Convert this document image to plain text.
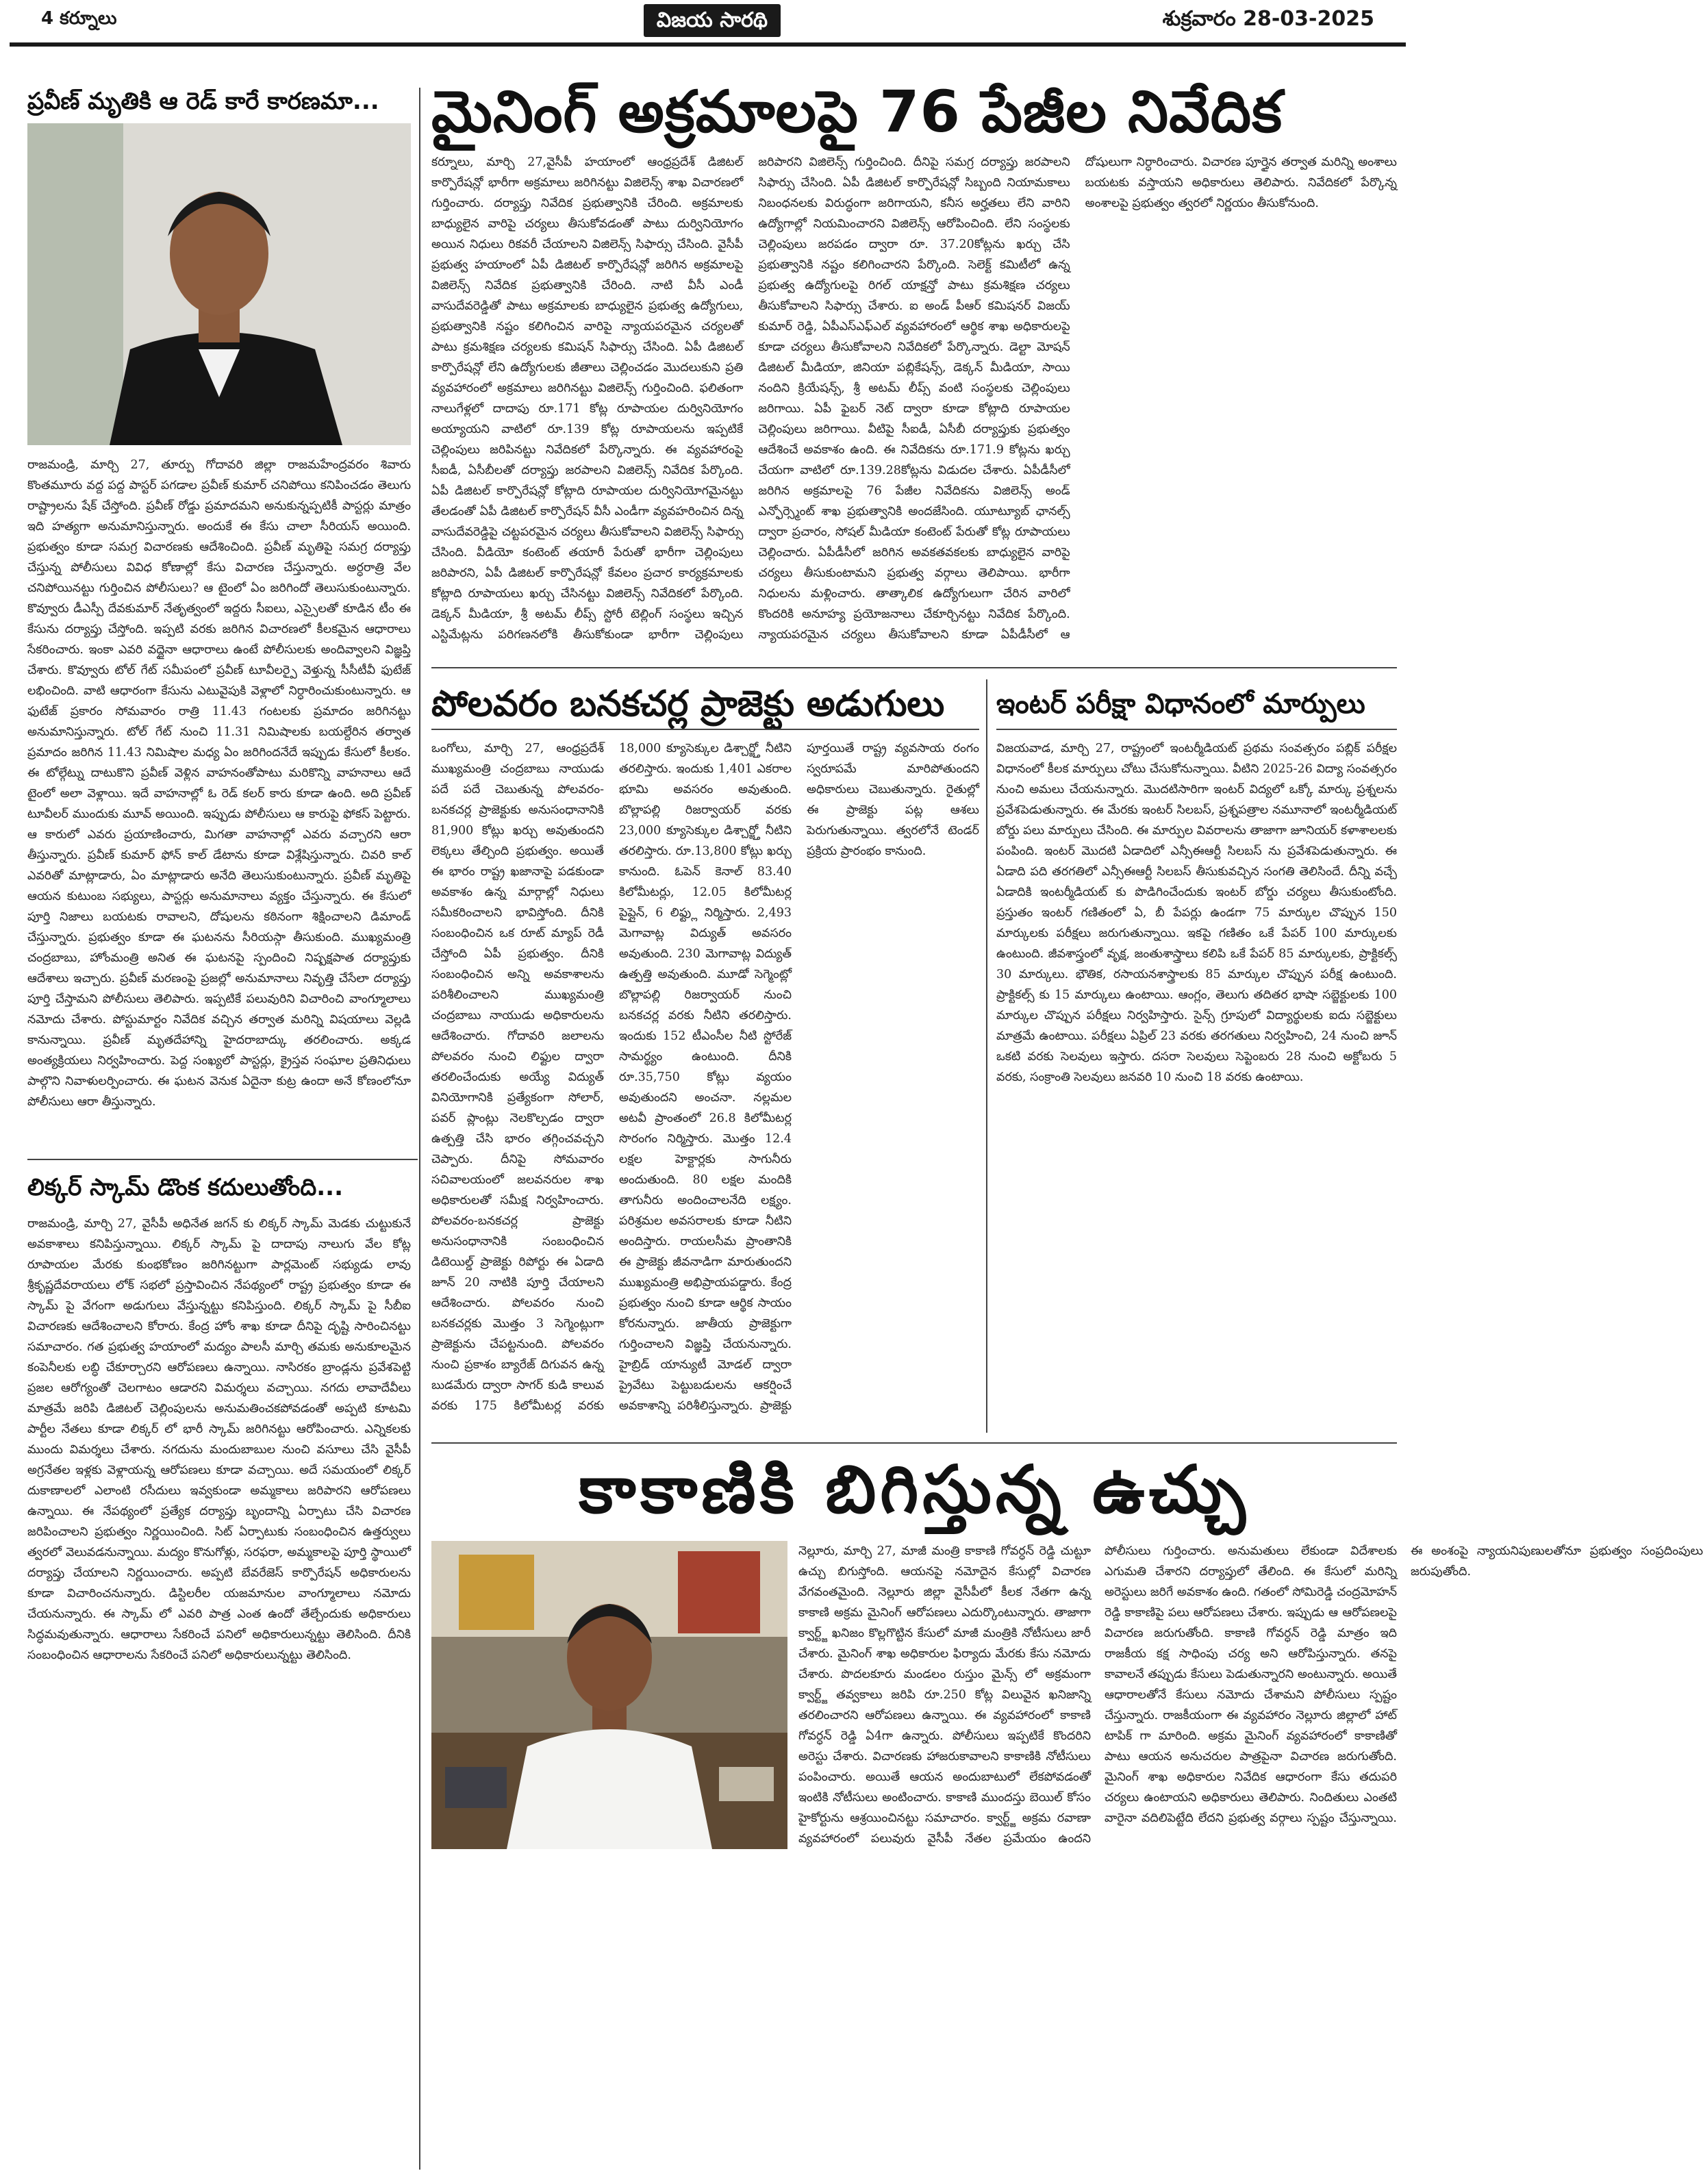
4 కర్నూలు	విజయ సారథి	శుక్రవారం 28-03-2025
ప్రవీణ్ మృతికి ఆ రెడ్ కారే కారణమా...
రాజమండ్రి, మార్చి 27, తూర్పు గోదావరి జిల్లా రాజమహేంద్రవరం శివారు కొంతమూరు వద్ద పద్ద పాస్టర్ పగడాల ప్రవీణ్ కుమార్ చనిపోయి కనిపించడం తెలుగు రాష్ట్రాలను షేక్ చేస్తోంది. ప్రవీణ్ రోడ్డు ప్రమాదమని అనుకున్నప్పటికీ పాస్టర్లు మాత్రం ఇది హత్యగా అనుమానిస్తున్నారు. అందుకే ఈ కేసు చాలా సీరియస్ అయింది. ప్రభుత్వం కూడా సమగ్ర విచారణకు ఆదేశించింది. ప్రవీణ్ మృతిపై సమగ్ర దర్యాప్తు చేస్తున్న పోలీసులు వివిధ కోణాల్లో కేసు విచారణ చేస్తున్నారు. అర్ధరాత్రి వేల చనిపోయినట్టు గుర్తించిన పోలీసులు? ఆ టైంలో ఏం జరిగిందో తెలుసుకుంటున్నారు. కొవ్వూరు డీఎస్పీ దేవకుమార్ నేతృత్వంలో ఇద్దరు సీఐలు, ఎస్సైలతో కూడిన టీం ఈ కేసును దర్యాప్తు చేస్తోంది. ఇప్పటి వరకు జరిగిన విచారణలో కీలకమైన ఆధారాలు సేకరించారు. ఇంకా ఎవరి వద్దైనా ఆధారాలు ఉంటే పోలీసులకు అందివ్వాలని విజ్ఞప్తి చేశారు. కొవ్వూరు టోల్ గేట్ సమీపంలో ప్రవీణ్ టూవీలర్పై వెళ్తున్న సీసీటీవీ ఫుటేజ్ లభించింది. వాటి ఆధారంగా కేసును ఎటువైపుకి వెళ్లాలో నిర్ధారించుకుంటున్నారు. ఆ ఫుటేజ్ ప్రకారం సోమవారం రాత్రి 11.43 గంటలకు ప్రమాదం జరిగినట్టు అనుమానిస్తున్నారు. టోల్ గేట్ నుంచి 11.31 నిమిషాలకు బయల్దేరిన తర్వాత ప్రమాదం జరిగిన 11.43 నిమిషాల మధ్య ఏం జరిగిందనేదే ఇప్పుడు కేసులో కీలకం. ఈ టోల్గేట్ను దాటుకొని ప్రవీణ్ వెళ్లిన వాహనంతోపాటు మరికొన్ని వాహనాలు ఆదే టైంలో అలా వెళ్లాయి. ఇదే వాహనాల్లో ఓ రెడ్ కలర్ కారు కూడా ఉంది. అది ప్రవీణ్ టూవీలర్ ముందుకు మూవ్ అయింది. ఇప్పుడు పోలీసులు ఆ కారుపై ఫోకస్ పెట్టారు. ఆ కారులో ఎవరు ప్రయాణించారు, మిగతా వాహనాల్లో ఎవరు వచ్చారని ఆరా తీస్తున్నారు. ప్రవీణ్ కుమార్ ఫోన్ కాల్ డేటాను కూడా విశ్లేషిస్తున్నారు. చివరి కాల్ ఎవరితో మాట్లాడారు, ఏం మాట్లాడారు అనేది తెలుసుకుంటున్నారు. ప్రవీణ్ మృతిపై ఆయన కుటుంబ సభ్యులు, పాస్టర్లు అనుమానాలు వ్యక్తం చేస్తున్నారు. ఈ కేసులో పూర్తి నిజాలు బయటకు రావాలని, దోషులను కఠినంగా శిక్షించాలని డిమాండ్ చేస్తున్నారు. ప్రభుత్వం కూడా ఈ ఘటనను సీరియస్గా తీసుకుంది. ముఖ్యమంత్రి చంద్రబాబు, హోంమంత్రి అనిత ఈ ఘటనపై స్పందించి నిష్పక్షపాత దర్యాప్తుకు ఆదేశాలు ఇచ్చారు. ప్రవీణ్ మరణంపై ప్రజల్లో అనుమానాలు నివృత్తి చేసేలా దర్యాప్తు పూర్తి చేస్తామని పోలీసులు తెలిపారు. ఇప్పటికే పలువురిని విచారించి వాంగ్మూలాలు నమోదు చేశారు. పోస్టుమార్టం నివేదిక వచ్చిన తర్వాత మరిన్ని విషయాలు వెల్లడి కానున్నాయి. ప్రవీణ్ మృతదేహాన్ని హైదరాబాద్కు తరలించారు. అక్కడ అంత్యక్రియలు నిర్వహించారు. పెద్ద సంఖ్యలో పాస్టర్లు, క్రైస్తవ సంఘాల ప్రతినిధులు పాల్గొని నివాళులర్పించారు. ఈ ఘటన వెనుక ఏదైనా కుట్ర ఉందా అనే కోణంలోనూ పోలీసులు ఆరా తీస్తున్నారు.
లిక్కర్ స్కామ్ డొంక కదులుతోంది...
రాజమండ్రి, మార్చి 27, వైసీపీ అధినేత జగన్ కు లిక్కర్ స్కామ్ మెడకు చుట్టుకునే అవకాశాలు కనిపిస్తున్నాయి. లిక్కర్ స్కామ్ పై దాదాపు నాలుగు వేల కోట్ల రూపాయల మేరకు కుంభకోణం జరిగినట్టుగా పార్లమెంట్ సభ్యుడు లావు శ్రీకృష్ణదేవరాయలు లోక్ సభలో ప్రస్తావించిన నేపథ్యంలో రాష్ట్ర ప్రభుత్వం కూడా ఈ స్కామ్ పై వేగంగా అడుగులు వేస్తున్నట్టు కనిపిస్తుంది. లిక్కర్ స్కామ్ పై సీబీఐ విచారణకు ఆదేశించాలని కోరారు. కేంద్ర హోం శాఖ కూడా దీనిపై దృష్టి సారించినట్టు సమాచారం. గత ప్రభుత్వ హయాంలో మద్యం పాలసీ మార్చి తమకు అనుకూలమైన కంపెనీలకు లబ్ధి చేకూర్చారని ఆరోపణలు ఉన్నాయి. నాసిరకం బ్రాండ్లను ప్రవేశపెట్టి ప్రజల ఆరోగ్యంతో చెలగాటం ఆడారని విమర్శలు వచ్చాయి. నగదు లావాదేవీలు మాత్రమే జరిపి డిజిటల్ చెల్లింపులను అనుమతించకపోవడంతో అప్పటి కూటమి పార్టీల నేతలు కూడా లిక్కర్ లో భారీ స్కామ్ జరిగినట్టు ఆరోపించారు. ఎన్నికలకు ముందు విమర్శలు చేశారు. నగదును మందుబాబుల నుంచి వసూలు చేసి వైసీపీ అగ్రనేతల ఇళ్లకు వెళ్లాయన్న ఆరోపణలు కూడా వచ్చాయి. అదే సమయంలో లిక్కర్ దుకాణాలలో ఎలాంటి రసీదులు ఇవ్వకుండా అమ్మకాలు జరిపారని ఆరోపణలు ఉన్నాయి. ఈ నేపథ్యంలో ప్రత్యేక దర్యాప్తు బృందాన్ని ఏర్పాటు చేసి విచారణ జరిపించాలని ప్రభుత్వం నిర్ణయించింది. సిట్ ఏర్పాటుకు సంబంధించిన ఉత్తర్వులు త్వరలో వెలువడనున్నాయి. మద్యం కొనుగోళ్లు, సరఫరా, అమ్మకాలపై పూర్తి స్థాయిలో దర్యాప్తు చేయాలని నిర్ణయించారు. అప్పటి బేవరేజెస్ కార్పొరేషన్ అధికారులను కూడా విచారించనున్నారు. డిస్టిలరీల యజమానుల వాంగ్మూలాలు నమోదు చేయనున్నారు. ఈ స్కామ్ లో ఎవరి పాత్ర ఎంత ఉందో తేల్చేందుకు అధికారులు సిద్ధమవుతున్నారు. ఆధారాలు సేకరించే పనిలో అధికారులున్నట్టు తెలిసింది. దీనికి సంబంధించిన ఆధారాలను సేకరించే పనిలో అధికారులున్నట్టు తెలిసింది.
మైనింగ్ అక్రమాలపై 76 పేజీల నివేదిక
కర్నూలు, మార్చి 27,వైసీపీ హయాంలో ఆంధ్రప్రదేశ్ డిజిటల్ కార్పొరేషన్లో భారీగా అక్రమాలు జరిగినట్టు విజిలెన్స్ శాఖ విచారణలో గుర్తించారు. దర్యాప్తు నివేదిక ప్రభుత్వానికి చేరింది. అక్రమాలకు బాధ్యులైన వారిపై చర్యలు తీసుకోవడంతో పాటు దుర్వినియోగం అయిన నిధులు రికవరీ చేయాలని విజిలెన్స్ సిఫార్సు చేసింది. వైసీపీ ప్రభుత్వ హయాంలో ఏపీ డిజిటల్ కార్పొరేషన్లో జరిగిన అక్రమాలపై విజిలెన్స్ నివేదిక ప్రభుత్వానికి చేరింది. నాటి వీసీ ఎండీ వాసుదేవరెడ్డితో పాటు అక్రమాలకు బాధ్యులైన ప్రభుత్వ ఉద్యోగులు, ప్రభుత్వానికి నష్టం కలిగించిన వారిపై న్యాయపరమైన చర్యలతో పాటు క్రమశిక్షణ చర్యలకు కమిషన్ సిఫార్సు చేసింది. ఏపీ డిజిటల్ కార్పొరేషన్లో లేని ఉద్యోగులకు జీతాలు చెల్లించడం మొదలుకుని ప్రతి వ్యవహారంలో అక్రమాలు జరిగినట్టు విజిలెన్స్ గుర్తించింది. ఫలితంగా నాలుగేళ్లలో దాదాపు రూ.171 కోట్ల రూపాయల దుర్వినియోగం అయ్యాయని వాటిలో రూ.139 కోట్ల రూపాయలను ఇప్పటికే చెల్లింపులు జరిపినట్టు నివేదికలో పేర్కొన్నారు. ఈ వ్యవహారంపై సీఐడీ, ఏసీబీలతో దర్యాప్తు జరపాలని విజిలెన్స్ నివేదిక పేర్కొంది. ఏపీ డిజిటల్ కార్పొరేషన్లో కోట్లాది రూపాయల దుర్వినియోగమైనట్టు తేలడంతో ఏపీ డిజిటల్ కార్పొరేషన్ వీసీ ఎండీగా వ్యవహరించిన దిన్న వాసుదేవరెడ్డిపై చట్టపరమైన చర్యలు తీసుకోవాలని విజిలెన్స్ సిఫార్సు చేసింది. వీడియో కంటెంట్ తయారీ పేరుతో భారీగా చెల్లింపులు జరిపారని, ఏపీ డిజిటల్ కార్పొరేషన్లో కేవలం ప్రచార కార్యక్రమాలకు కోట్లాది రూపాయలు ఖర్చు చేసినట్టు విజిలెన్స్ నివేదికలో పేర్కొంది. డెక్కన్ మీడియా, శ్రీ అటమ్ లీప్స్ స్టోరీ టెల్లింగ్ సంస్థలు ఇచ్చిన ఎస్టిమేట్లను పరిగణనలోకి తీసుకోకుండా భారీగా చెల్లింపులు జరిపారని విజిలెన్స్ గుర్తించింది. దీనిపై సమగ్ర దర్యాప్తు జరపాలని సిఫార్సు చేసింది. ఏపీ డిజిటల్ కార్పొరేషన్లో సిబ్బంది నియామకాలు నిబంధనలకు విరుద్ధంగా జరిగాయని, కనీస అర్హతలు లేని వారిని ఉద్యోగాల్లో నియమించారని విజిలెన్స్ ఆరోపించింది. లేని సంస్థలకు చెల్లింపులు జరపడం ద్వారా రూ. 37.20కోట్లను ఖర్చు చేసి ప్రభుత్వానికి నష్టం కలిగించారని పేర్కొంది. సెలెక్ట్ కమిటీలో ఉన్న ప్రభుత్వ ఉద్యోగులపై రిగల్ యాక్షన్తో పాటు క్రమశిక్షణ చర్యలు తీసుకోవాలని సిఫార్సు చేశారు. ఐ అండ్ పీఆర్ కమిషనర్ విజయ్ కుమార్ రెడ్డి, ఏపీఎస్ఎఫ్ఎల్ వ్యవహారంలో ఆర్థిక శాఖ అధికారులపై కూడా చర్యలు తీసుకోవాలని నివేదికలో పేర్కొన్నారు. డెల్టా మోషన్ డిజిటల్ మీడియా, జినియా పబ్లికేషన్స్, డెక్కన్ మీడియా, సాయి నందిని క్రియేషన్స్, శ్రీ అటమ్ లీప్స్ వంటి సంస్థలకు చెల్లింపులు జరిగాయి. ఏపీ ఫైబర్ నెట్ ద్వారా కూడా కోట్లాది రూపాయల చెల్లింపులు జరిగాయి. వీటిపై సీఐడీ, ఏసీబీ దర్యాప్తుకు ప్రభుత్వం ఆదేశించే అవకాశం ఉంది. ఈ నివేదికను రూ.171.9 కోట్లను ఖర్చు చేయగా వాటిలో రూ.139.28కోట్లను విడుదల చేశారు. ఏపీడీసీలో జరిగిన అక్రమాలపై 76 పేజీల నివేదికను విజిలెన్స్ అండ్ ఎన్ఫోర్స్మెంట్ శాఖ ప్రభుత్వానికి అందజేసింది. యూట్యూబ్ ఛానల్స్ ద్వారా ప్రచారం, సోషల్ మీడియా కంటెంట్ పేరుతో కోట్ల రూపాయలు చెల్లించారు. ఏపీడీసీలో జరిగిన అవకతవకలకు బాధ్యులైన వారిపై చర్యలు తీసుకుంటామని ప్రభుత్వ వర్గాలు తెలిపాయి. భారీగా నిధులను మళ్లించారు. తాత్కాలిక ఉద్యోగులుగా చేరిన వారిలో కొందరికి అనూహ్య ప్రయోజనాలు చేకూర్చినట్టు నివేదిక పేర్కొంది. న్యాయపరమైన చర్యలు తీసుకోవాలని కూడా ఏపీడీసీలో ఆ దోషులుగా నిర్ధారించారు. విచారణ పూర్తైన తర్వాత మరిన్ని అంశాలు బయటకు వస్తాయని అధికారులు తెలిపారు. నివేదికలో పేర్కొన్న అంశాలపై ప్రభుత్వం త్వరలో నిర్ణయం తీసుకోనుంది.
పోలవరం బనకచర్ల ప్రాజెక్టు అడుగులు
ఒంగోలు, మార్చి 27, ఆంధ్రప్రదేశ్ ముఖ్యమంత్రి చంద్రబాబు నాయుడు పదే పదే చెబుతున్న పోలవరం-బనకచర్ల ప్రాజెక్టుకు అనుసంధానానికి 81,900 కోట్లు ఖర్చు అవుతుందని లెక్కలు తేల్చింది ప్రభుత్వం. అయితే ఈ భారం రాష్ట్ర ఖజానాపై పడకుండా అవకాశం ఉన్న మార్గాల్లో నిధులు సమీకరించాలని భావిస్తోంది. దీనికి సంబంధించిన ఒక రూట్ మ్యాప్ రెడీ చేస్తోంది ఏపీ ప్రభుత్వం. దీనికి సంబంధించిన అన్ని అవకాశాలను పరిశీలించాలని ముఖ్యమంత్రి చంద్రబాబు నాయుడు అధికారులను ఆదేశించారు. గోదావరి జలాలను పోలవరం నుంచి లిఫ్టుల ద్వారా తరలించేందుకు అయ్యే విద్యుత్ వినియోగానికి ప్రత్యేకంగా సోలార్, పవర్ ప్లాంట్లు నెలకొల్పడం ద్వారా ఉత్పత్తి చేసి భారం తగ్గించవచ్చని చెప్పారు. దీనిపై సోమవారం సచివాలయంలో జలవనరుల శాఖ అధికారులతో సమీక్ష నిర్వహించారు. పోలవరం-బనకచర్ల ప్రాజెక్టు అనుసంధానానికి సంబంధించిన డిటెయిల్డ్ ప్రాజెక్టు రిపోర్టు ఈ ఏడాది జూన్ 20 నాటికి పూర్తి చేయాలని ఆదేశించారు. పోలవరం నుంచి బనకచర్లకు మొత్తం 3 సెగ్మెంట్లుగా ప్రాజెక్టును చేపట్టనుంది. పోలవరం నుంచి ప్రకాశం బ్యారేజ్ దిగువన ఉన్న బుడమేరు ద్వారా సాగర్ కుడి కాలువ వరకు 175 కిలోమీటర్ల వరకు 18,000 క్యూసెక్కుల డిశ్చార్జ్తో నీటిని తరలిస్తారు. ఇందుకు 1,401 ఎకరాల భూమి అవసరం అవుతుంది. బొల్లాపల్లి రిజర్వాయర్ వరకు 23,000 క్యూసెక్కుల డిశ్చార్జ్తో నీటిని తరలిస్తారు. రూ.13,800 కోట్లు ఖర్చు కానుంది. ఓపెన్ కెనాల్ 83.40 కిలోమీటర్లు, 12.05 కిలోమీటర్ల పైప్లైన్, 6 లిఫ్ట్లు నిర్మిస్తారు. 2,493 మెగావాట్ల విద్యుత్ అవసరం అవుతుంది. 230 మెగావాట్ల విద్యుత్ ఉత్పత్తి అవుతుంది. మూడో సెగ్మెంట్లో బొల్లాపల్లి రిజర్వాయర్ నుంచి బనకచర్ల వరకు నీటిని తరలిస్తారు. ఇందుకు 152 టీఎంసీల నీటి స్టోరేజ్ సామర్థ్యం ఉంటుంది. దీనికి రూ.35,750 కోట్లు వ్యయం అవుతుందని అంచనా. నల్లమల అటవీ ప్రాంతంలో 26.8 కిలోమీటర్ల సొరంగం నిర్మిస్తారు. మొత్తం 12.4 లక్షల హెక్టార్లకు సాగునీరు అందుతుంది. 80 లక్షల మందికి తాగునీరు అందించాలనేది లక్ష్యం. పరిశ్రమల అవసరాలకు కూడా నీటిని అందిస్తారు. రాయలసీమ ప్రాంతానికి ఈ ప్రాజెక్టు జీవనాడిగా మారుతుందని ముఖ్యమంత్రి అభిప్రాయపడ్డారు. కేంద్ర ప్రభుత్వం నుంచి కూడా ఆర్థిక సాయం కోరనున్నారు. జాతీయ ప్రాజెక్టుగా గుర్తించాలని విజ్ఞప్తి చేయనున్నారు. హైబ్రిడ్ యాన్యుటీ మోడల్ ద్వారా ప్రైవేటు పెట్టుబడులను ఆకర్షించే అవకాశాన్ని పరిశీలిస్తున్నారు. ప్రాజెక్టు పూర్తయితే రాష్ట్ర వ్యవసాయ రంగం స్వరూపమే మారిపోతుందని అధికారులు చెబుతున్నారు. రైతుల్లో ఈ ప్రాజెక్టు పట్ల ఆశలు పెరుగుతున్నాయి. త్వరలోనే టెండర్ ప్రక్రియ ప్రారంభం కానుంది.
ఇంటర్ పరీక్షా విధానంలో మార్పులు
విజయవాడ, మార్చి 27, రాష్ట్రంలో ఇంటర్మీడియట్ ప్రథమ సంవత్సరం పబ్లిక్ పరీక్షల విధానంలో కీలక మార్పులు చోటు చేసుకోనున్నాయి. వీటిని 2025-26 విద్యా సంవత్సరం నుంచి అమలు చేయనున్నారు. మొదటిసారిగా ఇంటర్ విద్యలో ఒక్కో మార్కు ప్రశ్నలను ప్రవేశపెడుతున్నారు. ఈ మేరకు ఇంటర్ సిలబస్, ప్రశ్నపత్రాల నమూనాలో ఇంటర్మీడియట్ బోర్డు పలు మార్పులు చేసింది. ఈ మార్పుల వివరాలను తాజాగా జూనియర్ కళాశాలలకు పంపింది. ఇంటర్ మొదటి ఏడాదిలో ఎన్సీఈఆర్టీ సిలబస్ ను ప్రవేశపెడుతున్నారు. ఈ ఏడాది పది తరగతిలో ఎన్సీఈఆర్టీ సిలబస్ తీసుకువచ్చిన సంగతి తెలిసిందే. దీన్ని వచ్చే ఏడాదికి ఇంటర్మీడియట్ కు పొడిగించేందుకు ఇంటర్ బోర్డు చర్యలు తీసుకుంటోంది. ప్రస్తుతం ఇంటర్ గణితంలో ఏ, బీ పేపర్లు ఉండగా 75 మార్కుల చొప్పున 150 మార్కులకు పరీక్షలు జరుగుతున్నాయి. ఇకపై గణితం ఒకే పేపర్ 100 మార్కులకు ఉంటుంది. జీవశాస్త్రంలో వృక్ష, జంతుశాస్త్రాలు కలిపి ఒకే పేపర్ 85 మార్కులకు, ప్రాక్టికల్స్ 30 మార్కులు. భౌతిక, రసాయనశాస్త్రాలకు 85 మార్కుల చొప్పున పరీక్ష ఉంటుంది. ప్రాక్టికల్స్ కు 15 మార్కులు ఉంటాయి. ఆంగ్లం, తెలుగు తదితర భాషా సబ్జెక్టులకు 100 మార్కుల చొప్పున పరీక్షలు నిర్వహిస్తారు. సైన్స్ గ్రూపులో విద్యార్థులకు ఐదు సబ్జెక్టులు మాత్రమే ఉంటాయి. పరీక్షలు ఏప్రిల్ 23 వరకు తరగతులు నిర్వహించి, 24 నుంచి జూన్ ఒకటి వరకు సెలవులు ఇస్తారు. దసరా సెలవులు సెప్టెంబరు 28 నుంచి అక్టోబరు 5 వరకు, సంక్రాంతి సెలవులు జనవరి 10 నుంచి 18 వరకు ఉంటాయి.
కాకాణికి బిగిస్తున్న ఉచ్చు
నెల్లూరు, మార్చి 27, మాజీ మంత్రి కాకాణి గోవర్ధన్ రెడ్డి చుట్టూ ఉచ్చు బిగుస్తోంది. ఆయనపై నమోదైన కేసుల్లో విచారణ వేగవంతమైంది. నెల్లూరు జిల్లా వైసీపీలో కీలక నేతగా ఉన్న కాకాణి అక్రమ మైనింగ్ ఆరోపణలు ఎదుర్కొంటున్నారు. తాజాగా క్వార్ట్జ్ ఖనిజం కొల్లగొట్టిన కేసులో మాజీ మంత్రికి నోటీసులు జారీ చేశారు. మైనింగ్ శాఖ అధికారుల ఫిర్యాదు మేరకు కేసు నమోదు చేశారు. పొదలకూరు మండలం రుస్తుం మైన్స్ లో అక్రమంగా క్వార్ట్జ్ తవ్వకాలు జరిపి రూ.250 కోట్ల విలువైన ఖనిజాన్ని తరలించారని ఆరోపణలు ఉన్నాయి. ఈ వ్యవహారంలో కాకాణి గోవర్ధన్ రెడ్డి ఏ4గా ఉన్నారు. పోలీసులు ఇప్పటికే కొందరిని అరెస్టు చేశారు. విచారణకు హాజరుకావాలని కాకాణికి నోటీసులు పంపించారు. అయితే ఆయన అందుబాటులో లేకపోవడంతో ఇంటికి నోటీసులు అంటించారు. కాకాణి ముందస్తు బెయిల్ కోసం హైకోర్టును ఆశ్రయించినట్టు సమాచారం. క్వార్ట్జ్ అక్రమ రవాణా వ్యవహారంలో పలువురు వైసీపీ నేతల ప్రమేయం ఉందని పోలీసులు గుర్తించారు. అనుమతులు లేకుండా విదేశాలకు ఎగుమతి చేశారని దర్యాప్తులో తేలింది. ఈ కేసులో మరిన్ని అరెస్టులు జరిగే అవకాశం ఉంది. గతంలో సోమిరెడ్డి చంద్రమోహన్ రెడ్డి కాకాణిపై పలు ఆరోపణలు చేశారు. ఇప్పుడు ఆ ఆరోపణలపై విచారణ జరుగుతోంది. కాకాణి గోవర్ధన్ రెడ్డి మాత్రం ఇది రాజకీయ కక్ష సాధింపు చర్య అని ఆరోపిస్తున్నారు. తనపై కావాలనే తప్పుడు కేసులు పెడుతున్నారని అంటున్నారు. అయితే ఆధారాలతోనే కేసులు నమోదు చేశామని పోలీసులు స్పష్టం చేస్తున్నారు. రాజకీయంగా ఈ వ్యవహారం నెల్లూరు జిల్లాలో హాట్ టాపిక్ గా మారింది. అక్రమ మైనింగ్ వ్యవహారంలో కాకాణితో పాటు ఆయన అనుచరుల పాత్రపైనా విచారణ జరుగుతోంది. మైనింగ్ శాఖ అధికారుల నివేదిక ఆధారంగా కేసు తదుపరి చర్యలు ఉంటాయని అధికారులు తెలిపారు. నిందితులు ఎంతటి వారైనా వదిలిపెట్టేది లేదని ప్రభుత్వ వర్గాలు స్పష్టం చేస్తున్నాయి. ఈ అంశంపై న్యాయనిపుణులతోనూ ప్రభుత్వం సంప్రదింపులు జరుపుతోంది.
